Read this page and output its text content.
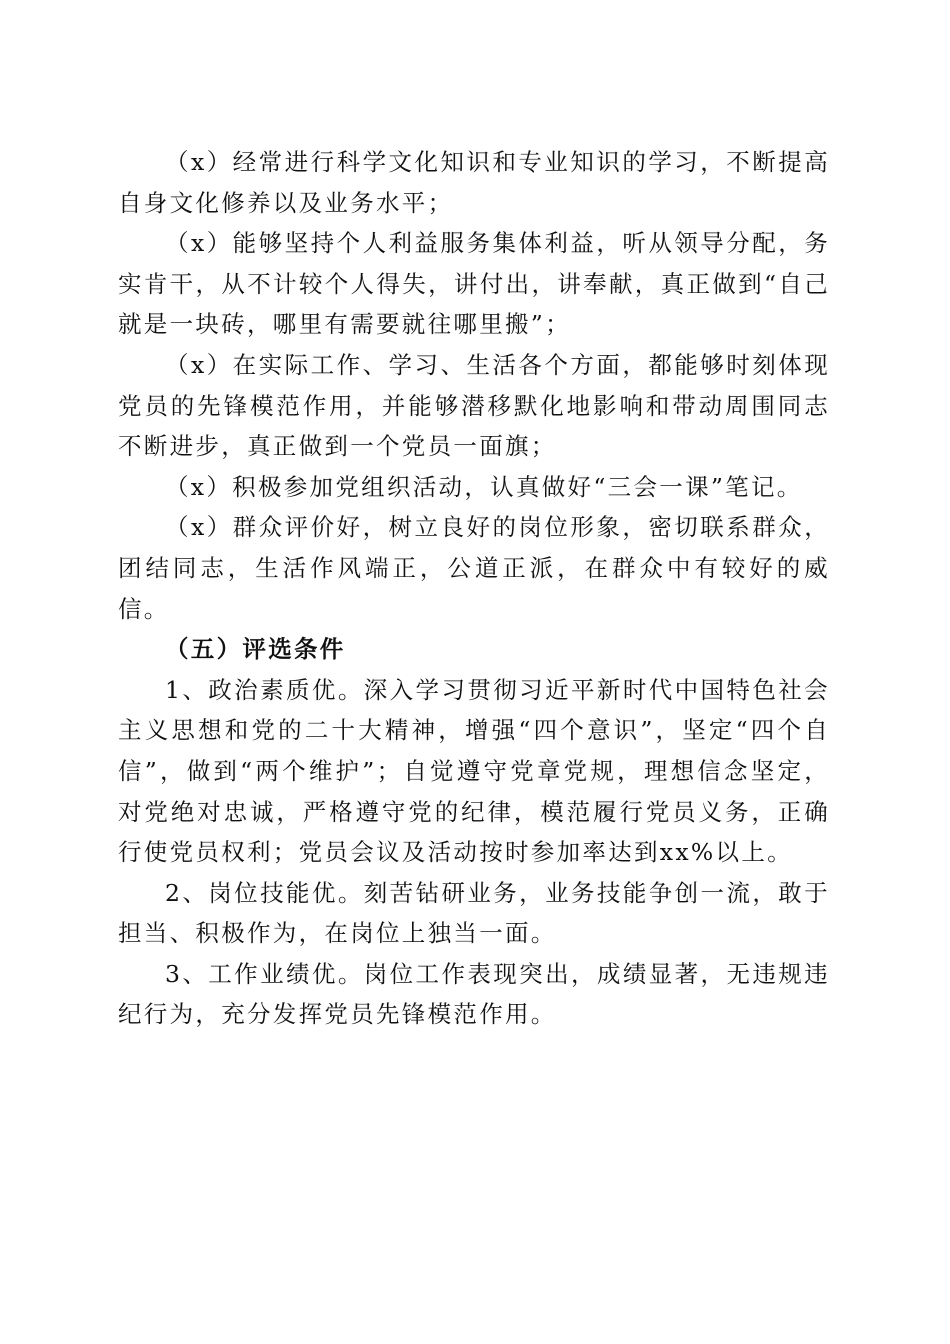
（x）经常进行科学文化知识和专业知识的学习，不断提高自身文化修养以及业务水平；

（x）能够坚持个人利益服务集体利益，听从领导分配，务实肯干，从不计较个人得失，讲付出，讲奉献，真正做到“自己就是一块砖，哪里有需要就往哪里搬”；

（x）在实际工作、学习、生活各个方面，都能够时刻体现党员的先锋模范作用，并能够潜移默化地影响和带动周围同志不断进步，真正做到一个党员一面旗；

（x）积极参加党组织活动，认真做好“三会一课”笔记。

（x）群众评价好，树立良好的岗位形象，密切联系群众，团结同志，生活作风端正，公道正派，在群众中有较好的威信。

（五）评选条件

1、政治素质优。深入学习贯彻习近平新时代中国特色社会主义思想和党的二十大精神，增强“四个意识”，坚定“四个自信”，做到“两个维护”；自觉遵守党章党规，理想信念坚定，对党绝对忠诚，严格遵守党的纪律，模范履行党员义务，正确行使党员权利；党员会议及活动按时参加率达到xx%以上。

2、岗位技能优。刻苦钻研业务，业务技能争创一流，敢于担当、积极作为，在岗位上独当一面。

3、工作业绩优。岗位工作表现突出，成绩显著，无违规违纪行为，充分发挥党员先锋模范作用。
